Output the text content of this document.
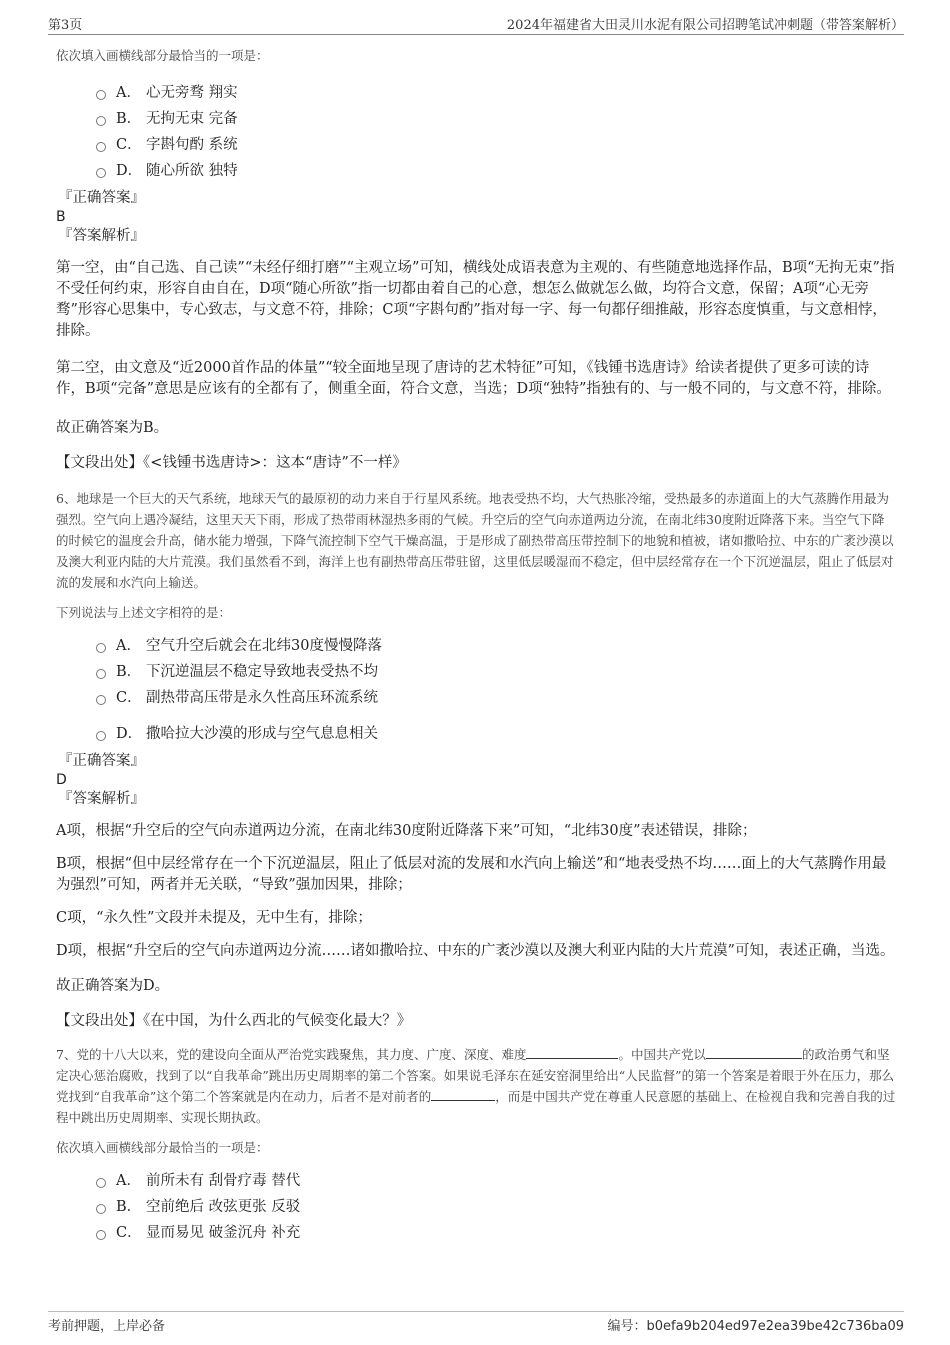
第3页	2024年福建省大田灵川水泥有限公司招聘笔试冲刺题（带答案解析）

依次填入画横线部分最恰当的一项是：

A． 心无旁骛 翔实
B． 无拘无束 完备
C． 字斟句酌 系统
D． 随心所欲 独特

『正确答案』

B

『答案解析』

第一空，由“自己选、自己读”“未经仔细打磨”“主观立场”可知，横线处成语表意为主观的、有些随意地选择作品，B项“无拘无束”指不受任何约束，形容自由自在，D项“随心所欲”指一切都由着自己的心意，想怎么做就怎么做，均符合文意，保留；A项“心无旁骛”形容心思集中，专心致志，与文意不符，排除；C项“字斟句酌”指对每一字、每一句都仔细推敲，形容态度慎重，与文意相悖，排除。

第二空，由文意及“近2000首作品的体量”“较全面地呈现了唐诗的艺术特征”可知，《钱锺书选唐诗》给读者提供了更多可读的诗作，B项“完备”意思是应该有的全都有了，侧重全面，符合文意，当选；D项“独特”指独有的、与一般不同的，与文意不符，排除。

故正确答案为B。

【文段出处】《<钱锺书选唐诗>：这本“唐诗”不一样》

6、地球是一个巨大的天气系统，地球天气的最原初的动力来自于行星风系统。地表受热不均，大气热胀冷缩，受热最多的赤道面上的大气蒸腾作用最为强烈。空气向上遇冷凝结，这里天天下雨，形成了热带雨林湿热多雨的气候。升空后的空气向赤道两边分流，在南北纬30度附近降落下来。当空气下降的时候它的温度会升高，储水能力增强，下降气流控制下空气干燥高温，于是形成了副热带高压带控制下的地貌和植被，诸如撒哈拉、中东的广袤沙漠以及澳大利亚内陆的大片荒漠。我们虽然看不到，海洋上也有副热带高压带驻留，这里低层暖湿而不稳定，但中层经常存在一个下沉逆温层，阻止了低层对流的发展和水汽向上输送。

下列说法与上述文字相符的是：

A． 空气升空后就会在北纬30度慢慢降落
B． 下沉逆温层不稳定导致地表受热不均
C． 副热带高压带是永久性高压环流系统
D． 撒哈拉大沙漠的形成与空气息息相关

『正确答案』

D

『答案解析』

A项，根据“升空后的空气向赤道两边分流，在南北纬30度附近降落下来”可知，“北纬30度”表述错误，排除；

B项，根据“但中层经常存在一个下沉逆温层，阻止了低层对流的发展和水汽向上输送”和“地表受热不均……面上的大气蒸腾作用最为强烈”可知，两者并无关联，“导致”强加因果，排除；

C项，“永久性”文段并未提及，无中生有，排除；

D项，根据“升空后的空气向赤道两边分流……诸如撒哈拉、中东的广袤沙漠以及澳大利亚内陆的大片荒漠”可知，表述正确，当选。

故正确答案为D。

【文段出处】《在中国，为什么西北的气候变化最大？》

7、党的十八大以来，党的建设向全面从严治党实践聚焦，其力度、广度、深度、难度	。中国共产党以	的政治勇气和坚定决心惩治腐败，找到了以“自我革命”跳出历史周期率的第二个答案。如果说毛泽东在延安窑洞里给出“人民监督”的第一个答案是着眼于外在压力，那么党找到“自我革命”这个第二个答案就是内在动力，后者不是对前者的	，而是中国共产党在尊重人民意愿的基础上、在检视自我和完善自我的过程中跳出历史周期率、实现长期执政。

依次填入画横线部分最恰当的一项是：

A． 前所未有 刮骨疗毒 替代
B． 空前绝后 改弦更张 反驳
C． 显而易见 破釜沉舟 补充
考前押题，上岸必备	编号：b0efa9b204ed97e2ea39be42c736ba09
